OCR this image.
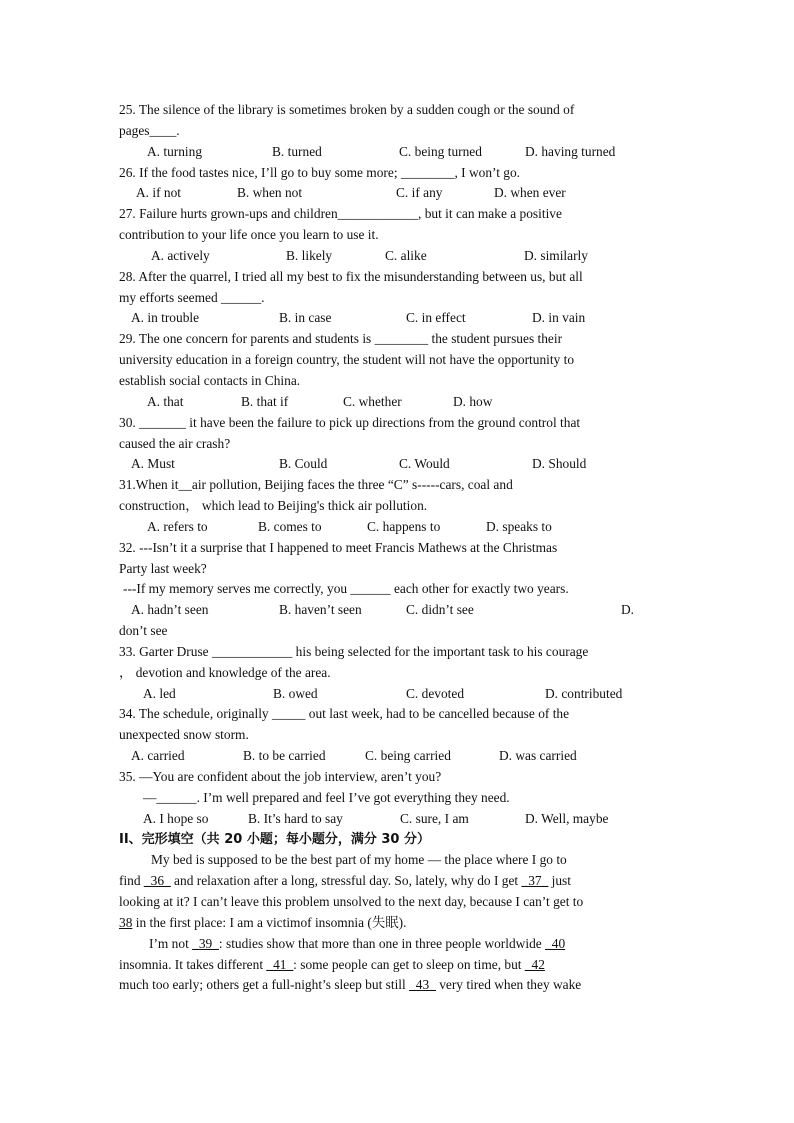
25. The silence of the library is sometimes broken by a sudden cough or the sound of
pages____.
A. turning	B. turned	C. being turned	D. having turned
26. If the food tastes nice, I’ll go to buy some more; ________, I won’t go.
A. if not	B. when not	C. if any	D. when ever
27. Failure hurts grown-ups and children____________, but it can make a positive
contribution to your life once you learn to use it.
A. actively	B. likely	C. alike	D. similarly
28. After the quarrel, I tried all my best to fix the misunderstanding between us, but all
my efforts seemed ______.
A. in trouble	B. in case	C. in effect	D. in vain
29. The one concern for parents and students is ________ the student pursues their
university education in a foreign country, the student will not have the opportunity to
establish social contacts in China.
A. that	B. that if	C. whether	D. how
30. _______ it have been the failure to pick up directions from the ground control that
caused the air crash?
A. Must	B. Could	C. Would	D. Should
31.When it__air pollution, Beijing faces the three “C” s-----cars, coal and
construction， which lead to Beijing's thick air pollution.
A. refers to	B. comes to	C. happens to	D. speaks to
32. ---Isn’t it a surprise that I happened to meet Francis Mathews at the Christmas
Party last week?
---If my memory serves me correctly, you ______ each other for exactly two years.
A. hadn’t seen	B. haven’t seen	C. didn’t see	D.
don’t see
33. Garter Druse ____________ his being selected for the important task to his courage
， devotion and knowledge of the area.
A. led	B. owed	C. devoted	D. contributed
34. The schedule, originally _____ out last week, had to be cancelled because of the
unexpected snow storm.
A. carried	B. to be carried	C. being carried	D. was carried
35. —You are confident about the job interview, aren’t you?
—______. I’m well prepared and feel I’ve got everything they need.
A. I hope so	B. It’s hard to say	C. sure, I am	D. Well, maybe
II、完形填空（共 20 小题；每小题分，满分 30 分）
My bed is supposed to be the best part of my home — the place where I go to
find _36_ and relaxation after a long, stressful day. So, lately, why do I get _37_ just
looking at it? I can’t leave this problem unsolved to the next day, because I can’t get to
38 in the first place: I am a victimof insomnia (失眠).
I’m not _39_: studies show that more than one in three people worldwide _40
insomnia. It takes different _41_: some people can get to sleep on time, but _42
much too early; others get a full-night’s sleep but still _43_ very tired when they wake
